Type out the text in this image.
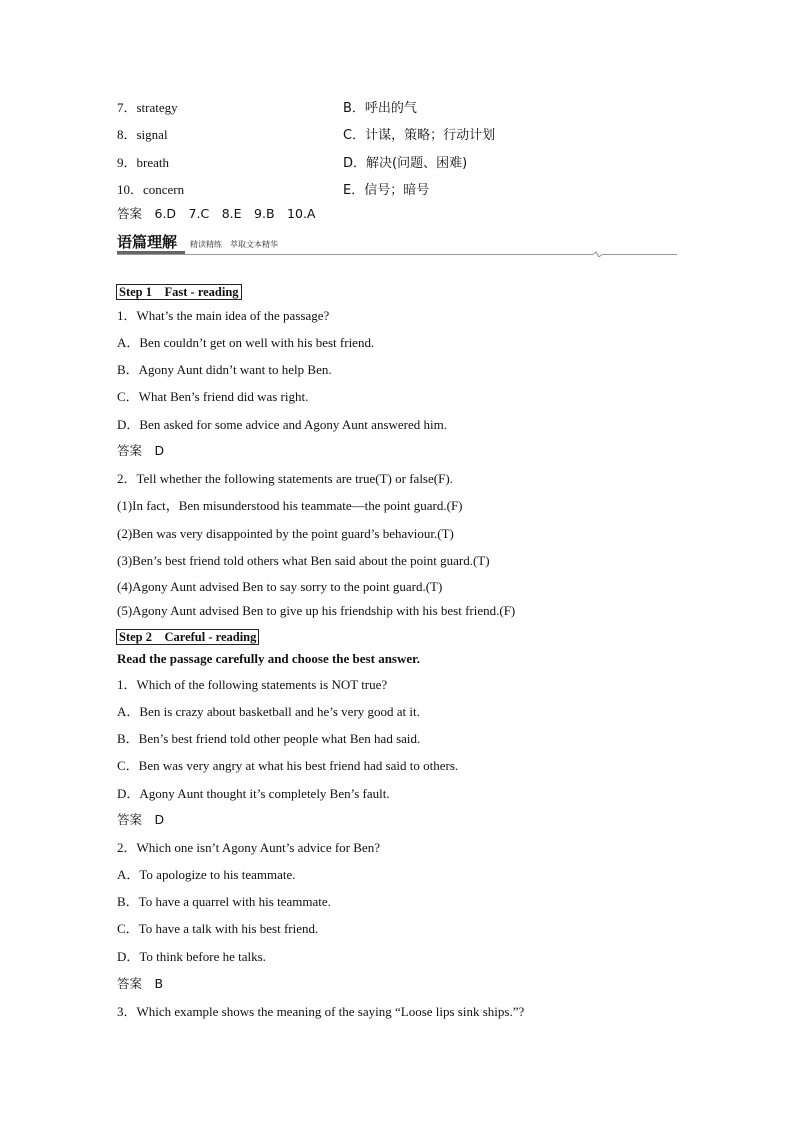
7．strategy	B．呼出的气
8．signal	C．计谋，策略；行动计划
9．breath	D．解决(问题、困难)
10．concern	E．信号；暗号
答案　6.D　7.C　8.E　9.B　10.A
语篇理解 精读精练　萃取文本精华
Step 1　Fast - reading
1．What’s the main idea of the passage?
A．Ben couldn’t get on well with his best friend.
B．Agony Aunt didn’t want to help Ben.
C．What Ben’s friend did was right.
D．Ben asked for some advice and Agony Aunt answered him.
答案　D
2．Tell whether the following statements are true(T) or false(F).
(1)In fact，Ben misunderstood his teammate—the point guard.(F)
(2)Ben was very disappointed by the point guard’s behaviour.(T)
(3)Ben’s best friend told others what Ben said about the point guard.(T)
(4)Agony Aunt advised Ben to say sorry to the point guard.(T)
(5)Agony Aunt advised Ben to give up his friendship with his best friend.(F)
Step 2　Careful - reading
Read the passage carefully and choose the best answer.
1．Which of the following statements is NOT true?
A．Ben is crazy about basketball and he’s very good at it.
B．Ben’s best friend told other people what Ben had said.
C．Ben was very angry at what his best friend had said to others.
D．Agony Aunt thought it’s completely Ben’s fault.
答案　D
2．Which one isn’t Agony Aunt’s advice for Ben?
A．To apologize to his teammate.
B．To have a quarrel with his teammate.
C．To have a talk with his best friend.
D．To think before he talks.
答案　B
3．Which example shows the meaning of the saying “Loose lips sink ships.”?
